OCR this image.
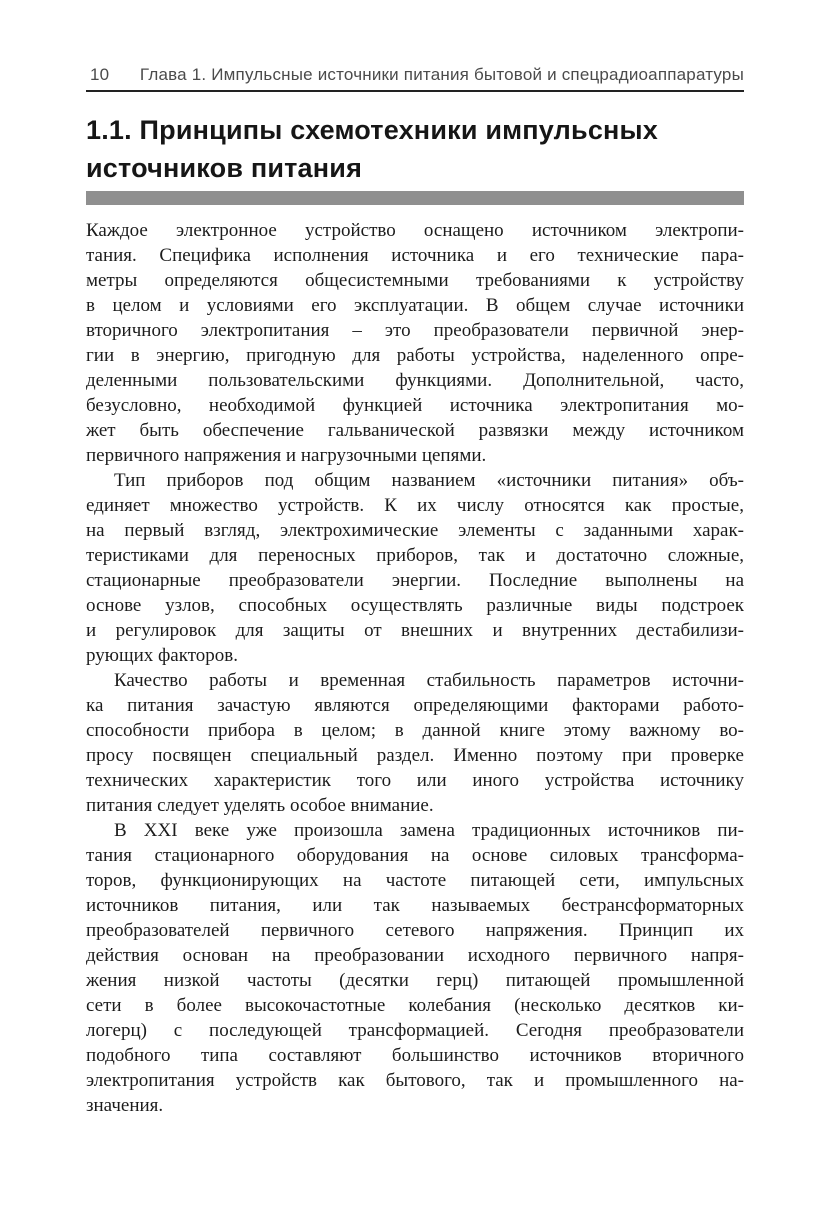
10 Глава 1. Импульсные источники питания бытовой и спецрадиоаппаратуры
1.1. Принципы схемотехники импульсных источников питания
Каждое электронное устройство оснащено источником электропи-
тания. Специфика исполнения источника и его технические пара-
метры определяются общесистемными требованиями к устройству
в целом и условиями его эксплуатации. В общем случае источники
вторичного электропитания – это преобразователи первичной энер-
гии в энергию, пригодную для работы устройства, наделенного опре-
деленными пользовательскими функциями. Дополнительной, часто,
безусловно, необходимой функцией источника электропитания мо-
жет быть обеспечение гальванической развязки между источником
первичного напряжения и нагрузочными цепями.
Тип приборов под общим названием «источники питания» объ-
единяет множество устройств. К их числу относятся как простые,
на первый взгляд, электрохимические элементы с заданными харак-
теристиками для переносных приборов, так и достаточно сложные,
стационарные преобразователи энергии. Последние выполнены на
основе узлов, способных осуществлять различные виды подстроек
и регулировок для защиты от внешних и внутренних дестабилизи-
рующих факторов.
Качество работы и временная стабильность параметров источни-
ка питания зачастую являются определяющими факторами работо-
способности прибора в целом; в данной книге этому важному во-
просу посвящен специальный раздел. Именно поэтому при проверке
технических характеристик того или иного устройства источнику
питания следует уделять особое внимание.
В XXI веке уже произошла замена традиционных источников пи-
тания стационарного оборудования на основе силовых трансформа-
торов, функционирующих на частоте питающей сети, импульсных
источников питания, или так называемых бестрансформаторных
преобразователей первичного сетевого напряжения. Принцип их
действия основан на преобразовании исходного первичного напря-
жения низкой частоты (десятки герц) питающей промышленной
сети в более высокочастотные колебания (несколько десятков ки-
логерц) с последующей трансформацией. Сегодня преобразователи
подобного типа составляют большинство источников вторичного
электропитания устройств как бытового, так и промышленного на-
значения.
